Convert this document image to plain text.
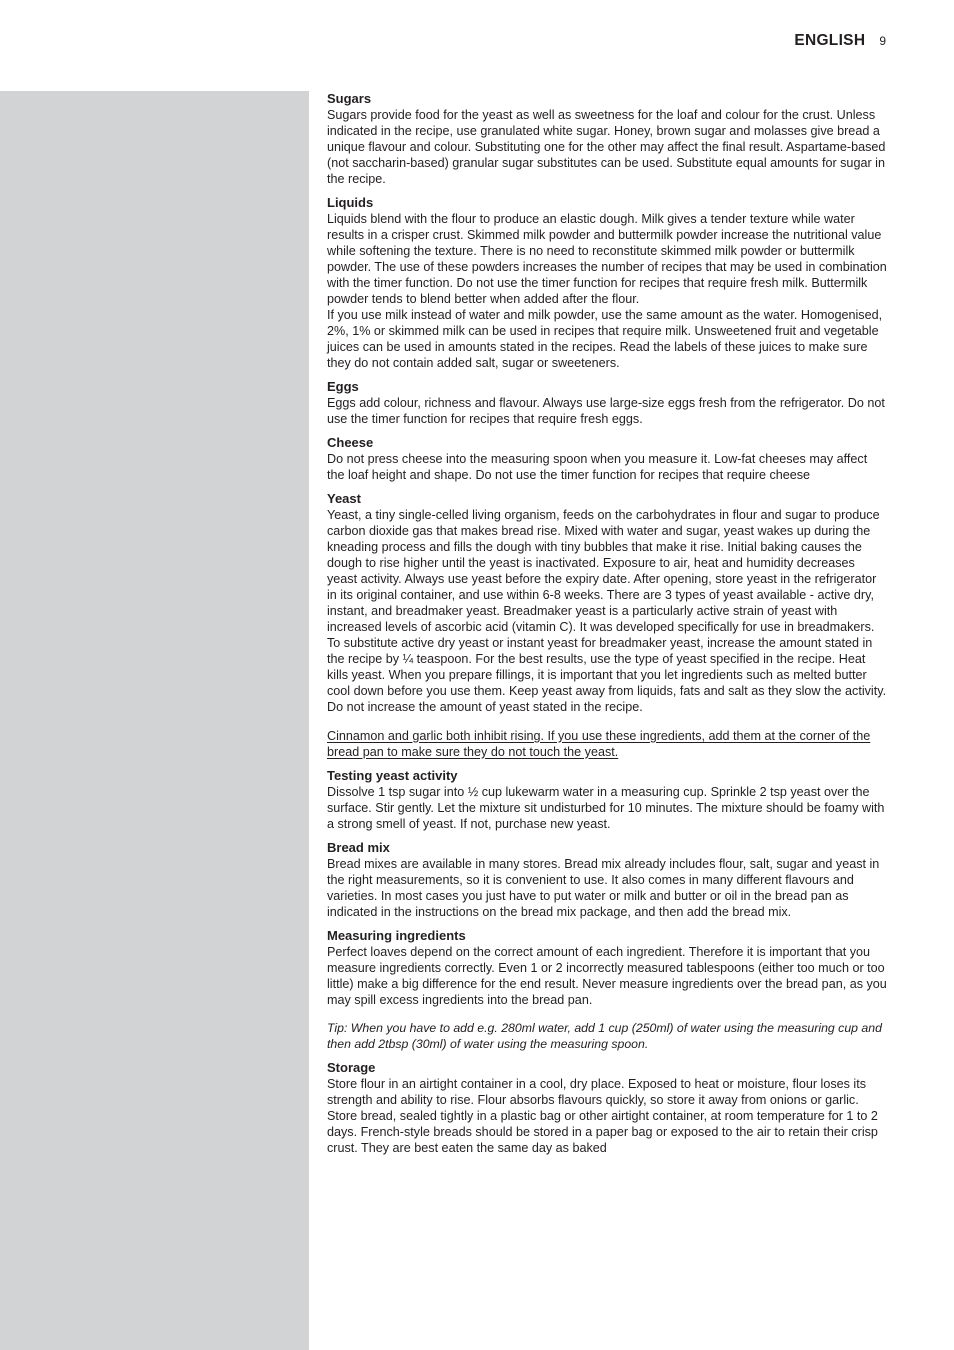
ENGLISH 9
Sugars

Sugars provide food for the yeast as well as sweetness for the loaf and colour for the crust. Unless indicated in the recipe, use granulated white sugar. Honey, brown sugar and molasses give bread a unique flavour and colour. Substituting one for the other may affect the final result. Aspartame-based (not saccharin-based) granular sugar substitutes can be used. Substitute equal amounts for sugar in the recipe.

Liquids

Liquids blend with the flour to produce an elastic dough. Milk gives a tender texture while water results in a crisper crust. Skimmed milk powder and buttermilk powder increase the nutritional value while softening the texture. There is no need to reconstitute skimmed milk powder or buttermilk powder. The use of these powders increases the number of recipes that may be used in combination with the timer function. Do not use the timer function for recipes that require fresh milk. Buttermilk powder tends to blend better when added after the flour.

If you use milk instead of water and milk powder, use the same amount as the water. Homogenised, 2%, 1% or skimmed milk can be used in recipes that require milk. Unsweetened fruit and vegetable juices can be used in amounts stated in the recipes. Read the labels of these juices to make sure they do not contain added salt, sugar or sweeteners.

Eggs

Eggs add colour, richness and flavour. Always use large-size eggs fresh from the refrigerator. Do not use the timer function for recipes that require fresh eggs.

Cheese

Do not press cheese into the measuring spoon when you measure it. Low-fat cheeses may affect the loaf height and shape. Do not use the timer function for recipes that require cheese

Yeast

Yeast, a tiny single-celled living organism, feeds on the carbohydrates in flour and sugar to produce carbon dioxide gas that makes bread rise. Mixed with water and sugar, yeast wakes up during the kneading process and fills the dough with tiny bubbles that make it rise. Initial baking causes the dough to rise higher until the yeast is inactivated. Exposure to air, heat and humidity decreases yeast activity. Always use yeast before the expiry date. After opening, store yeast in the refrigerator in its original container, and use within 6-8 weeks. There are 3 types of yeast available - active dry, instant, and breadmaker yeast. Breadmaker yeast is a particularly active strain of yeast with increased levels of ascorbic acid (vitamin C). It was developed specifically for use in breadmakers. To substitute active dry yeast or instant yeast for breadmaker yeast, increase the amount stated in the recipe by ¼ teaspoon. For the best results, use the type of yeast specified in the recipe. Heat kills yeast. When you prepare fillings, it is important that you let ingredients such as melted butter cool down before you use them. Keep yeast away from liquids, fats and salt as they slow the activity. Do not increase the amount of yeast stated in the recipe.

Cinnamon and garlic both inhibit rising. If you use these ingredients, add them at the corner of the bread pan to make sure they do not touch the yeast.

Testing yeast activity

Dissolve 1 tsp sugar into ½ cup lukewarm water in a measuring cup. Sprinkle 2 tsp yeast over the surface. Stir gently. Let the mixture sit undisturbed for 10 minutes. The mixture should be foamy with a strong smell of yeast. If not, purchase new yeast.

Bread mix

Bread mixes are available in many stores. Bread mix already includes flour, salt, sugar and yeast in the right measurements, so it is convenient to use. It also comes in many different flavours and varieties. In most cases you just have to put water or milk and butter or oil in the bread pan as indicated in the instructions on the bread mix package, and then add the bread mix.

Measuring ingredients

Perfect loaves depend on the correct amount of each ingredient. Therefore it is important that you measure ingredients correctly. Even 1 or 2 incorrectly measured tablespoons (either too much or too little) make a big difference for the end result. Never measure ingredients over the bread pan, as you may spill excess ingredients into the bread pan.

Tip: When you have to add e.g. 280ml water, add 1 cup (250ml) of water using the measuring cup and then add 2tbsp (30ml) of water using the measuring spoon.

Storage

Store flour in an airtight container in a cool, dry place. Exposed to heat or moisture, flour loses its strength and ability to rise. Flour absorbs flavours quickly, so store it away from onions or garlic. Store bread, sealed tightly in a plastic bag or other airtight container, at room temperature for 1 to 2 days. French-style breads should be stored in a paper bag or exposed to the air to retain their crisp crust. They are best eaten the same day as baked
